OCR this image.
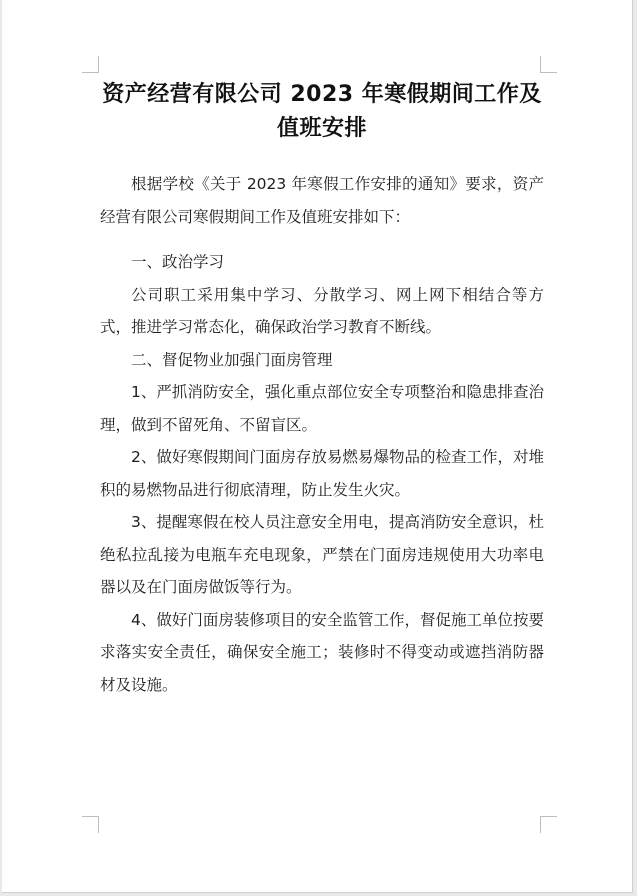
资产经营有限公司 2023 年寒假期间工作及值班安排

根据学校《关于 2023 年寒假工作安排的通知》要求，资产经营有限公司寒假期间工作及值班安排如下：

一、政治学习

公司职工采用集中学习、分散学习、网上网下相结合等方式，推进学习常态化，确保政治学习教育不断线。

二、督促物业加强门面房管理

1、严抓消防安全，强化重点部位安全专项整治和隐患排查治理，做到不留死角、不留盲区。

2、做好寒假期间门面房存放易燃易爆物品的检查工作，对堆积的易燃物品进行彻底清理，防止发生火灾。

3、提醒寒假在校人员注意安全用电，提高消防安全意识，杜绝私拉乱接为电瓶车充电现象，严禁在门面房违规使用大功率电器以及在门面房做饭等行为。

4、做好门面房装修项目的安全监管工作，督促施工单位按要求落实安全责任，确保安全施工；装修时不得变动或遮挡消防器材及设施。
